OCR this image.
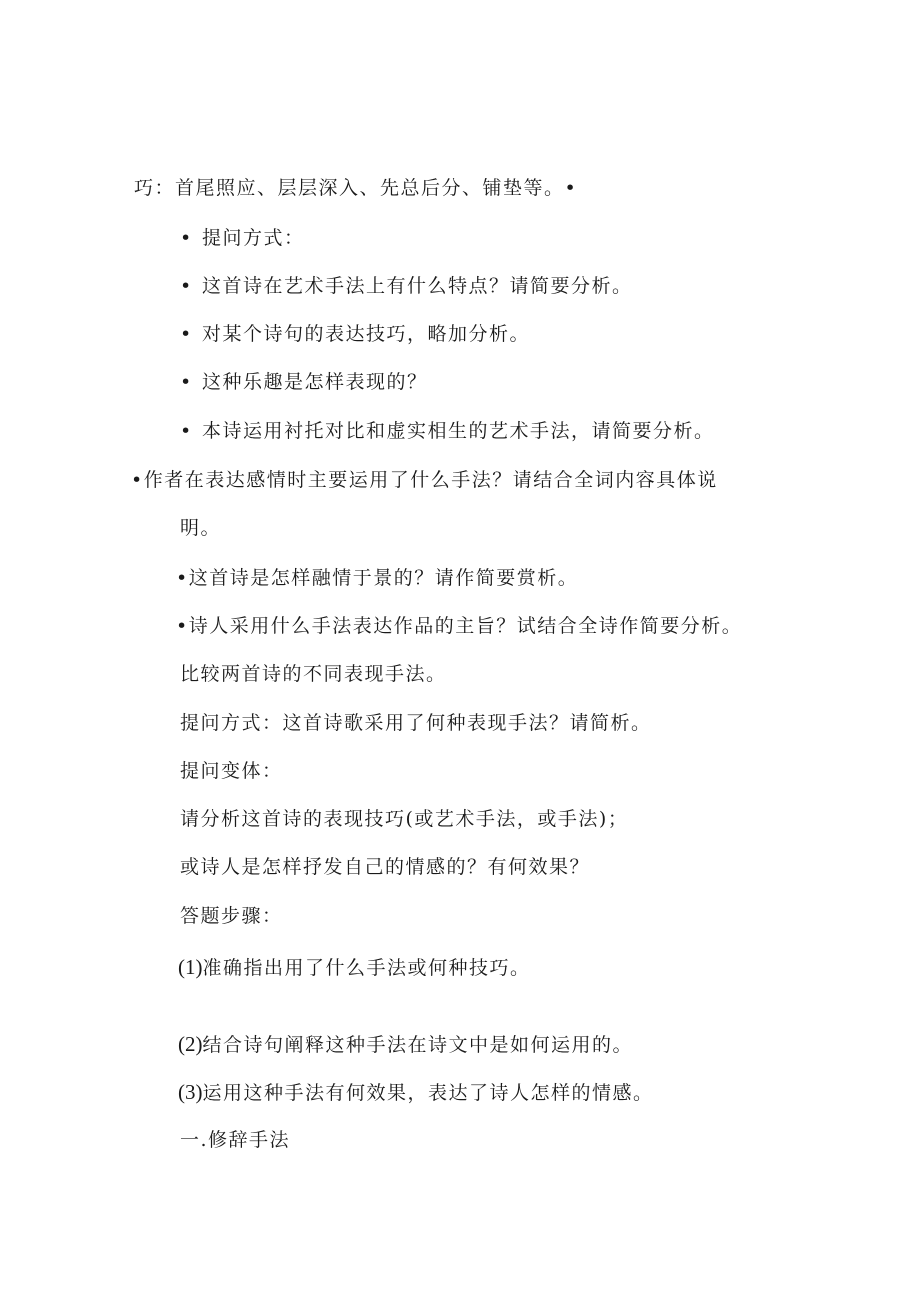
巧：首尾照应、层层深入、先总后分、铺垫等。•
• 提问方式：
• 这首诗在艺术手法上有什么特点？请简要分析。
• 对某个诗句的表达技巧，略加分析。
• 这种乐趣是怎样表现的？
• 本诗运用衬托对比和虚实相生的艺术手法，请简要分析。
•作者在表达感情时主要运用了什么手法？请结合全词内容具体说
明。
•这首诗是怎样融情于景的？请作简要赏析。
•诗人采用什么手法表达作品的主旨？试结合全诗作简要分析。
比较两首诗的不同表现手法。
提问方式：这首诗歌采用了何种表现手法？请简析。
提问变体：
请分析这首诗的表现技巧(或艺术手法，或手法)；
或诗人是怎样抒发自己的情感的？有何效果？
答题步骤：
(1)准确指出用了什么手法或何种技巧。
(2)结合诗句阐释这种手法在诗文中是如何运用的。
(3)运用这种手法有何效果，表达了诗人怎样的情感。
一.修辞手法
